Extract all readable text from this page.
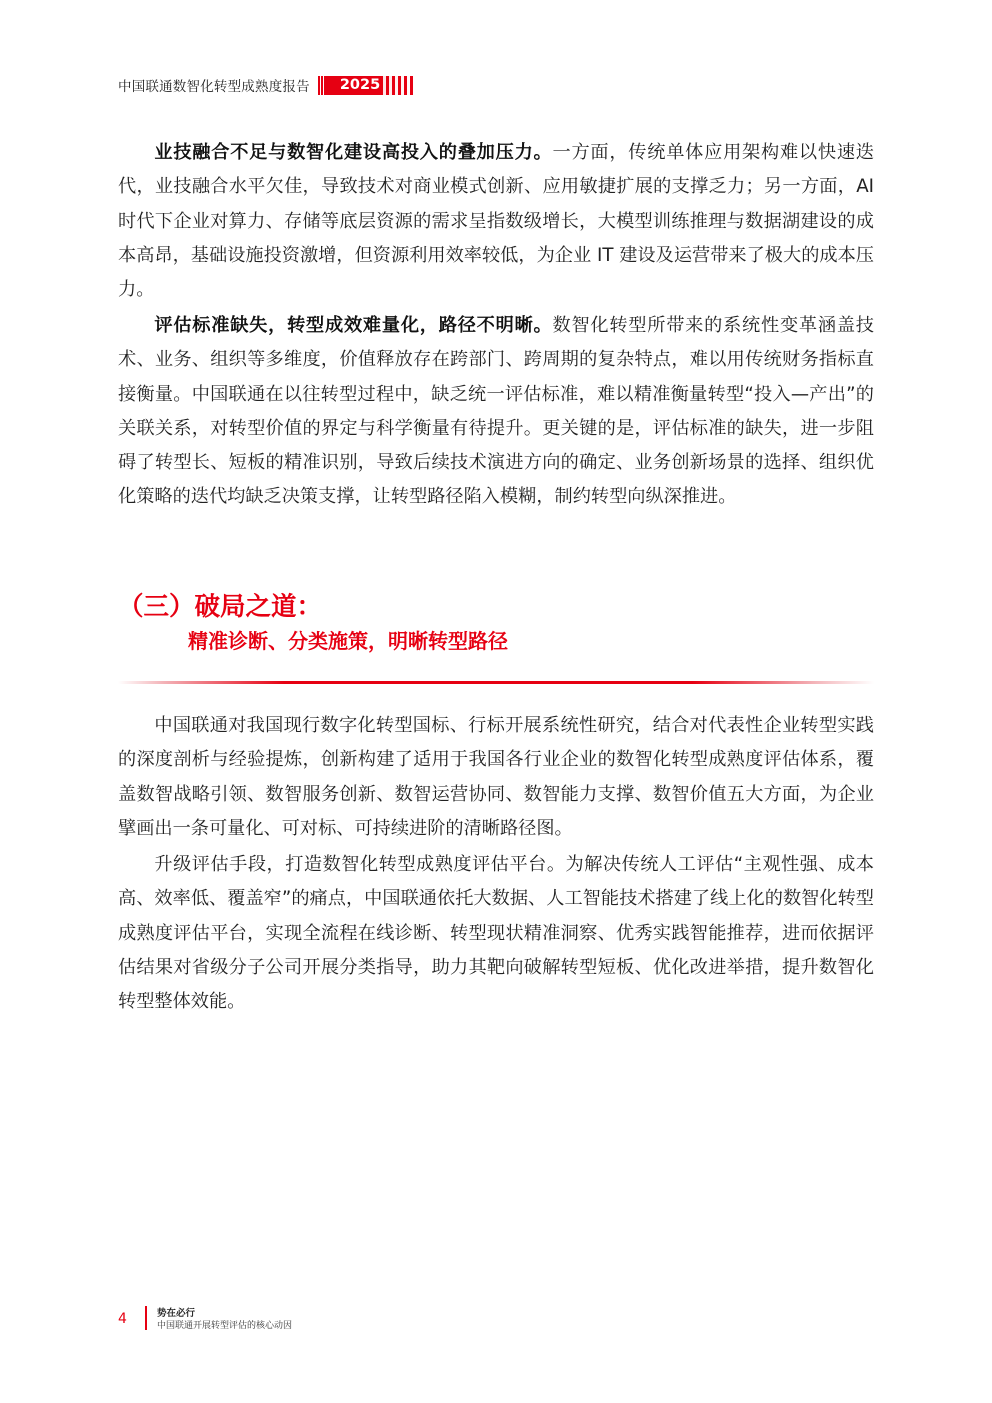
中国联通数智化转型成熟度报告 2025

业技融合不足与数智化建设高投入的叠加压力。一方面，传统单体应用架构难以快速迭代，业技融合水平欠佳，导致技术对商业模式创新、应用敏捷扩展的支撑乏力；另一方面，AI 时代下企业对算力、存储等底层资源的需求呈指数级增长，大模型训练推理与数据湖建设的成本高昂，基础设施投资激增，但资源利用效率较低，为企业 IT 建设及运营带来了极大的成本压力。

评估标准缺失，转型成效难量化，路径不明晰。数智化转型所带来的系统性变革涵盖技术、业务、组织等多维度，价值释放存在跨部门、跨周期的复杂特点，难以用传统财务指标直接衡量。中国联通在以往转型过程中，缺乏统一评估标准，难以精准衡量转型“投入—产出”的关联关系，对转型价值的界定与科学衡量有待提升。更关键的是，评估标准的缺失，进一步阻碍了转型长、短板的精准识别，导致后续技术演进方向的确定、业务创新场景的选择、组织优化策略的迭代均缺乏决策支撑，让转型路径陷入模糊，制约转型向纵深推进。

（三）破局之道：
精准诊断、分类施策，明晰转型路径

中国联通对我国现行数字化转型国标、行标开展系统性研究，结合对代表性企业转型实践的深度剖析与经验提炼，创新构建了适用于我国各行业企业的数智化转型成熟度评估体系，覆盖数智战略引领、数智服务创新、数智运营协同、数智能力支撑、数智价值五大方面，为企业擘画出一条可量化、可对标、可持续进阶的清晰路径图。

升级评估手段，打造数智化转型成熟度评估平台。为解决传统人工评估“主观性强、成本高、效率低、覆盖窄”的痛点，中国联通依托大数据、人工智能技术搭建了线上化的数智化转型成熟度评估平台，实现全流程在线诊断、转型现状精准洞察、优秀实践智能推荐，进而依据评估结果对省级分子公司开展分类指导，助力其靶向破解转型短板、优化改进举措，提升数智化转型整体效能。

4	势在必行
中国联通开展转型评估的核心动因
